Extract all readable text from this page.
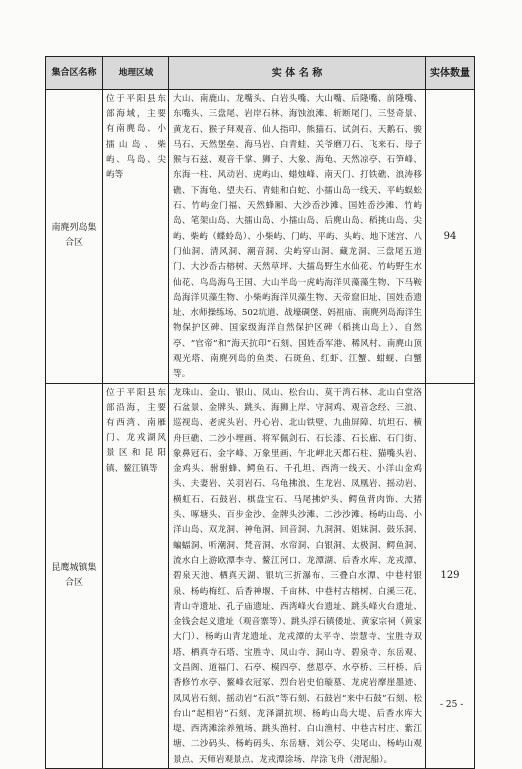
集合区名称	地理区域	实 体 名 称	实体数量
南麂列岛集合区	位于平阳县东部海域，主要有南麂岛、小擂山岛、柴屿、鸟岛、尖屿等	大山、南鹿山、龙嘴头、白岩头嘴、大山嘴、后隆嘴、前隆嘴、东嘴头、三盘尾、岩岸石林、海蚀浪滩、斩断尾门、三竖奇景、黄龙石、猴子拜观音、仙人指印、熊猫石、试剑石、天鹅石、骏马石、天然堡垒、海马岩、白青蛙、关爷磨刀石、飞来石、母子猴与石兹、观音千掌、狮子、大象、海龟、天然凉亭、石笋峰、东海一柱、风动岩、虎屿山、蜡烛峰、南天门、打铁礁、浪涛移礁、下海龟、望夫石、青蛙和白蛇、小擂山岛一线天、平屿蜈蚣石、竹屿金门福、天然蜂厢、大沙岙沙滩、国姓岙沙滩、竹屿岛、笔架山岛、大擂山岛、小擂山岛、后麂山岛、稻挑山岛、尖屿、柴屿（蝶蛉岛）、小柴屿、门屿、平屿、头屿、地下迷宫、八门仙洞、清风洞、潮音洞、尖屿穿山洞、藏龙洞、三盘尾五道门、大沙岙古榕树、天然草坪、大擂岛野生水仙花、竹屿野生水仙花、鸟岛海鸟王国、大山半岛一虎屿海洋贝藻藻生物、下马鞍岛海洋贝藻生物、小柴屿海洋贝藻生物、天帝窟旧址、国姓岙遗址、水师操练场、502坑道、战壕碉堡、妈祖庙、南麂列岛海洋生物保护区碑、国家级海洋自然保护区碑（稻挑山岛上）、自然亭、“官帝”和“海天抗印”石刻、国姓岙军港、稀风村、南麂山顶观光塔、南麂列岛的鱼类、石斑鱼、红虾、江蟹、蚶蚬、白蟹等。	94
昆鹰城镇集合区	位于平阳县东部沿海，主要有西湾、南雁门、龙戎湖风景区和昆阳镇、鳌江镇等	龙珠山、金山、银山、凤山、松台山、莫干湾石林、北山白堂洛石盆景、金牌头、跳头、海狮上岸、守洞鸡、观音念经、三浪、巡视岛、老虎头岩、丹心岩、北山铁壁、九曲屏障、坑坦石、横舟巨礁、二沙小埋画、将军佩剑石、石长漆、石长廊、石门街、象鼻冠石、金字峰、万象里画、午北岬北天都石柱、猫嘴头岩、金鸡头、驸驸蜂、鳄鱼石、千孔坦、西湾一线天、小洋山金鸡头、夫妻岩、关羽岩石、乌龟拂浪、生龙岩、凤凰岩、摇动岩、横虹石、石鼓岩、棋盘宝石、马尾拂炉头、鳄鱼背肉饰、大猪头、啄塘头、百步金沙、金牌头沙滩、二沙沙滩、杨屿山岛、小洋山岛、双龙洞、神龟洞、回音洞、九洞洞、姐妹洞、鼓乐洞、蝙蝠洞、听潮洞、梵音洞、水帘洞、白银洞、太极洞、鳄鱼洞、流水白上游欧潭李寺、鳌江河口、龙潭湖、后香水库、龙戎潭、碧泉天池、栖真天湖、银坑三折瀑布、三叠白水潭、中巷村银泉、杨屿梅红、后香神堰、千亩林、中巷村古榕树、白溪三花、青山寺遗址、孔子庙遗址、西湾峰火台遗址、跳头峰火台遗址、金钱会起义遗址（观音寨等）、跳头浮石镇倭址、黄家宗祠（黄家大门）、杨屿山青龙遗址、龙戎潭的太平寺、崇慧寺、宝胜寺双塔、栖真寺石塔、宝胜寺、凤山寺、洞山寺、碧泉寺、东岳观、文昌阁、道福门、石亭、模四亭、慈恩亭、水亭桥、三杆桥、后香修竹水亭、鳌峰衣冠冢、烈台岩史伯璇墓、龙虎岩摩崖墨迹、凤凤岩石刻、摇动岩“石浜”等石刻、石鼓岩“来中石鼓”石刻、松台山“起相岩”石刻、龙泽湖抗坝、杨屿山岛大堤、后香水库大堤、西湾滩涂养殖场、跳头渔村、白山渔村、中巷古村庄、紫江塘、二沙码头、杨屿码头、东岳塘、刘公亭、尖尾山、杨屿山观景点、天师岩观景点、龙戎潭涂场、岸涂飞舟（滑泥船）。	129
- 25 -
